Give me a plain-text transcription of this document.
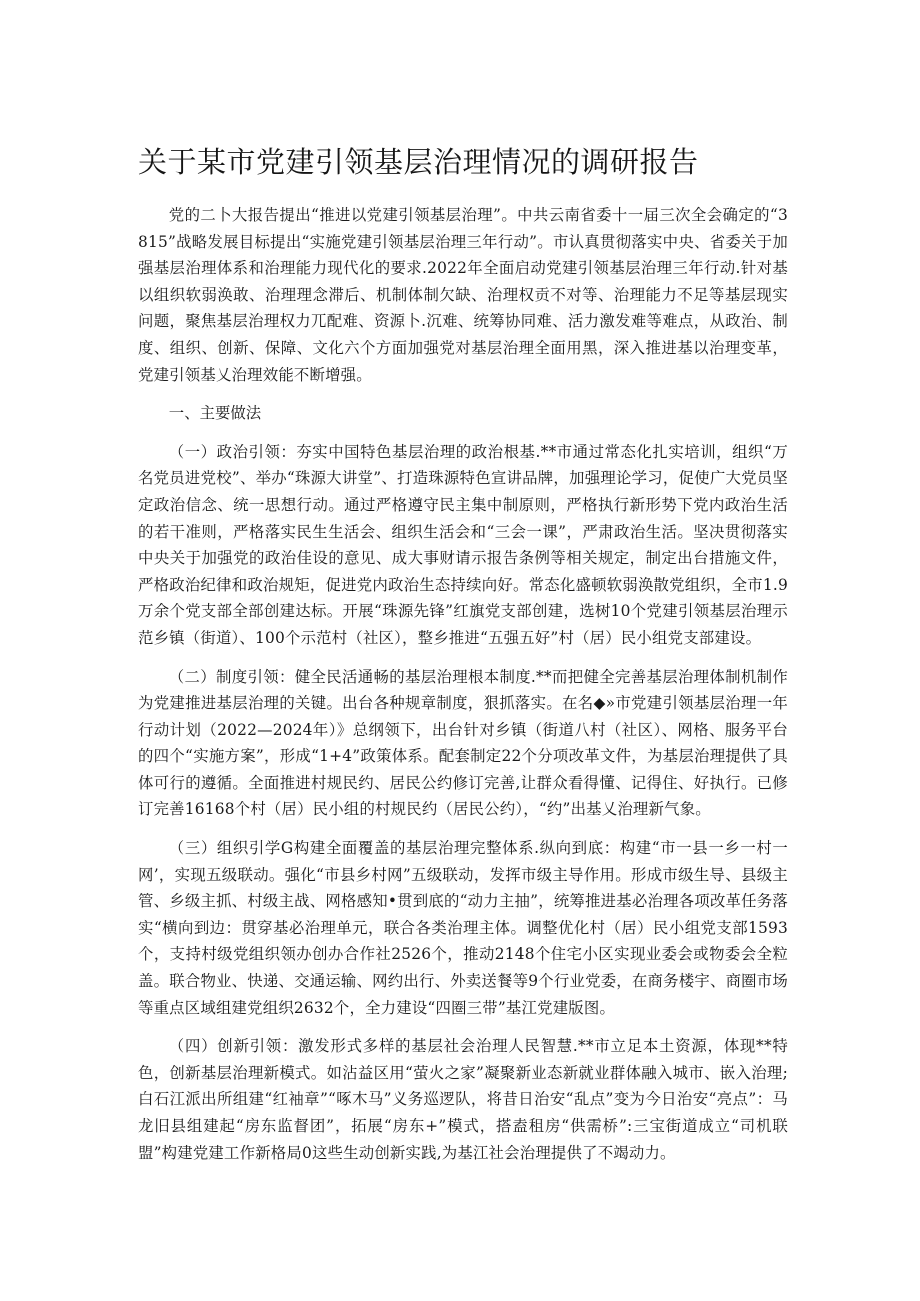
关于某市党建引领基层治理情况的调研报告

党的二卜大报告提出“推进以党建引领基层治理”。中共云南省委十一届三次全会确定的“3815”战略发展目标提出“实施党建引领基层治理三年行动”。市认真贯彻落实中央、省委关于加强基层治理体系和治理能力现代化的要求.2022年全面启动党建引领基层治理三年行动.针对基以组织软弱涣敢、治理理念滞后、机制体制欠缺、治理权贡不对等、治理能力不足等基层现实问题，聚焦基层治理权力兀配难、资源卜.沉难、统筹协同难、活力激发难等难点，从政治、制度、组织、创新、保障、文化六个方面加强党对基层治理全面用黑，深入推进基以治理变革，党建引领基乂治理效能不断增强。

一、主要做法

（一）政治引领：夯实中国特色基层治理的政治根基.**市通过常态化扎实培训，组织“万名党员进党校”、举办“珠源大讲堂”、打造珠源特色宣讲品牌，加强理论学习，促使广大党员坚定政治信念、统一思想行动。通过严格遵守民主集中制原则，严格执行新形势下党内政治生活的若干准则，严格落实民生生活会、组织生活会和“三会一课”，严肃政治生活。坚决贯彻落实中央关于加强党的政治佳设的意见、成大事财请示报告条例等相关规定，制定出台措施文件，严格政治纪律和政治规矩，促进党内政治生态持续向好。常态化盛顿软弱涣散党组织，全市1.9万余个党支部全部创建达标。开展“珠源先锋”红旗党支部创建，选树10个党建引领基层治理示范乡镇（街道）、100个示范村（社区），整乡推进“五强五好”村（居）民小组党支部建设。

（二）制度引领：健全民活通畅的基层治理根本制度.**而把健全完善基层治理体制机制作为党建推进基层治理的关键。出台各种规章制度，狠抓落实。在名◆»市党建引领基层治理一年行动计划（2022—2024年）》总纲领下，出台针对乡镇（街道八村（社区）、网格、服务平台的四个“实施方案”，形成“1+4”政策体系。配套制定22个分项改革文件，为基层治理提供了具体可行的遵循。全面推进村规民约、居民公约修订完善,让群众看得懂、记得住、好执行。已修订完善16168个村（居）民小组的村规民约（居民公约），“约”出基乂治理新气象。

（三）组织引学G构建全面覆盖的基层治理完整体系.纵向到底：构建“市一县一乡一村一网’，实现五级联动。强化“市县乡村网”五级联动，发挥市级主导作用。形成市级生导、县级主管、乡级主抓、村级主战、网格感知•贯到底的“动力主抽”，统筹推进基必治理各项改革任务落实“横向到边：贯穿基必治理单元，联合各类治理主体。调整优化村（居）民小组党支部1593个，支持村级党组织领办创办合作社2526个，推动2148个住宅小区实现业委会或物委会全粒盖。联合物业、快递、交通运输、网约出行、外卖送餐等9个行业党委，在商务楼宇、商圈市场等重点区域组建党组织2632个，全力建设“四圈三带”基江党建版图。

（四）创新引领：激发形式多样的基层社会治理人民智慧.**市立足本土资源，体现**特色，创新基层治理新模式。如沾益区用“萤火之家”凝聚新业态新就业群体融入城市、嵌入治理;白石江派出所组建“红袖章”“啄木马”义务巡逻队，将昔日治安“乱点”变为今日治安“亮点”：马龙旧县组建起“房东监督团”，拓展“房东+”模式，搭盍租房“供需桥”:三宝街道成立“司机联盟”构建党建工作新格局0这些生动创新实践,为基江社会治理提供了不竭动力。
